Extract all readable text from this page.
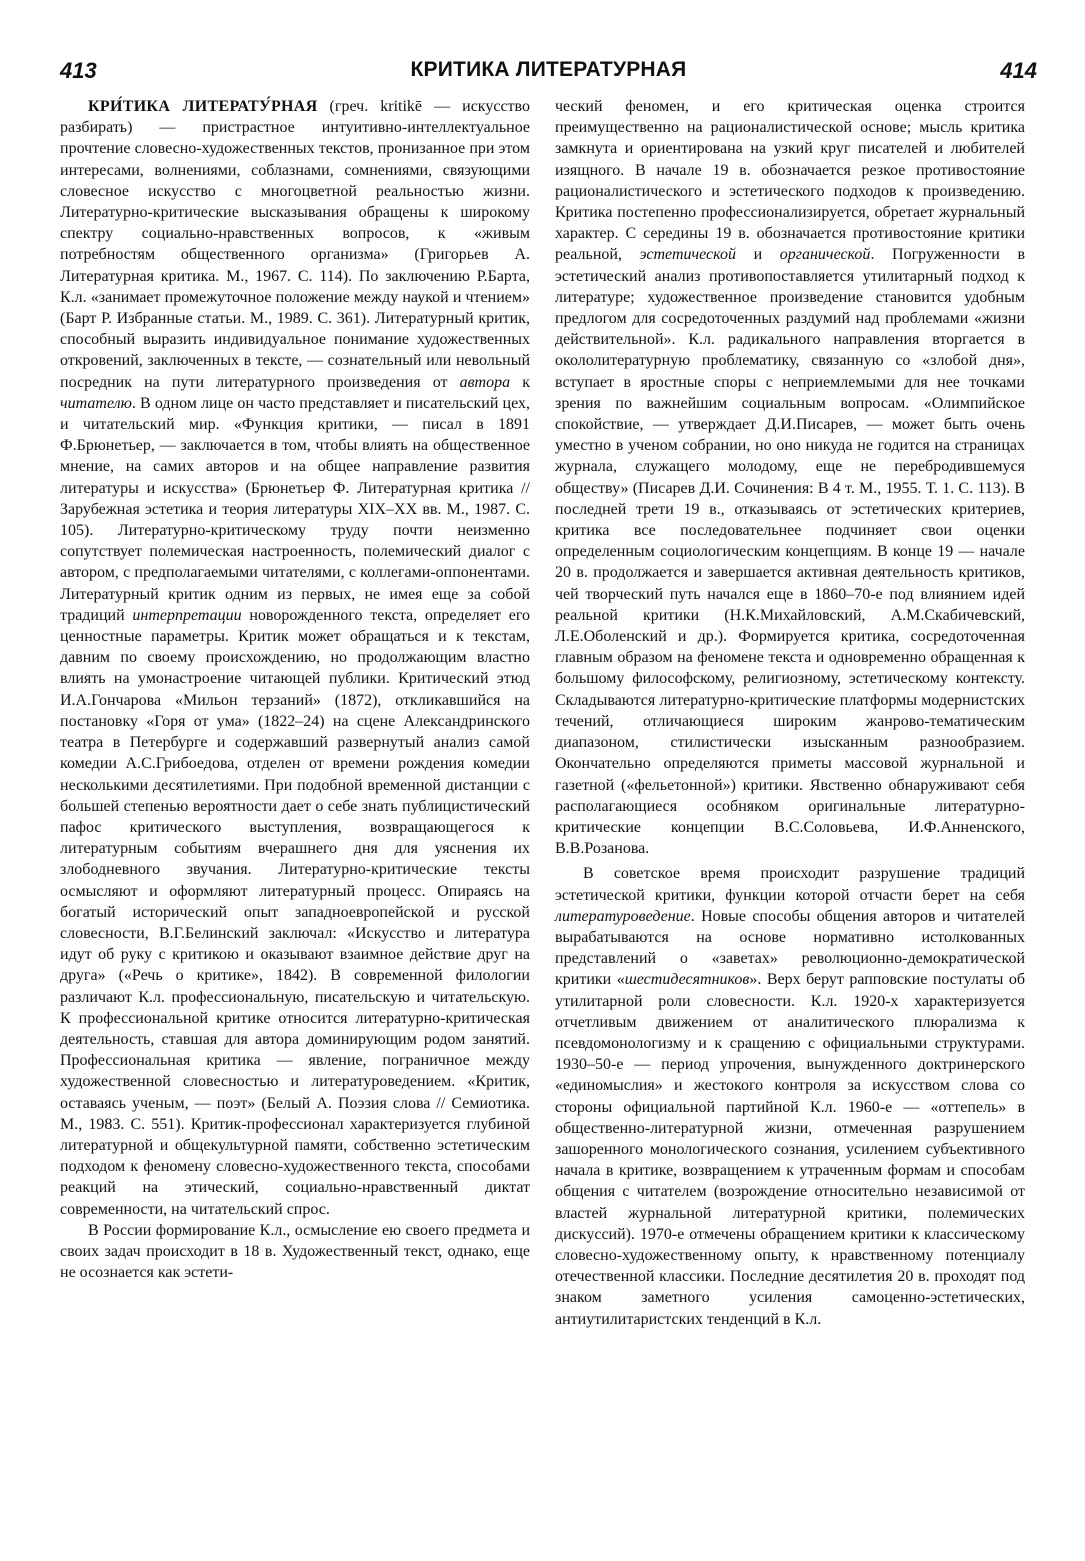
413	КРИТИКА ЛИТЕРАТУРНАЯ	414

КРИ́ТИКА ЛИТЕРАТУ́РНАЯ (греч. kritikē — искусство разбирать) — пристрастное интуитивно-интеллектуальное прочтение словесно-художественных текстов, пронизанное при этом интересами, волнениями, соблазнами, сомнениями, связующими словесное искусство с многоцветной реальностью жизни. Литературно-критические высказывания обращены к широкому спектру социально-нравственных вопросов, к «живым потребностям общественного организма» (Григорьев А. Литературная критика. М., 1967. С. 114). По заключению Р.Барта, К.л. «занимает промежуточное положение между наукой и чтением» (Барт Р. Избранные статьи. М., 1989. С. 361). Литературный критик, способный выразить индивидуальное понимание художественных откровений, заключенных в тексте, — сознательный или невольный посредник на пути литературного произведения от автора к читателю. В одном лице он часто представляет и писательский цех, и читательский мир. «Функция критики, — писал в 1891 Ф.Брюнетьер, — заключается в том, чтобы влиять на общественное мнение, на самих авторов и на общее направление развития литературы и искусства» (Брюнетьер Ф. Литературная критика // Зарубежная эстетика и теория литературы XIX–XX вв. М., 1987. С. 105). Литературно-критическому труду почти неизменно сопутствует полемическая настроенность, полемический диалог с автором, с предполагаемыми читателями, с коллегами-оппонентами. Литературный критик одним из первых, не имея еще за собой традиций интерпретации новорожденного текста, определяет его ценностные параметры. Критик может обращаться и к текстам, давним по своему происхождению, но продолжающим властно влиять на умонастроение читающей публики. Критический этюд И.А.Гончарова «Мильон терзаний» (1872), откликавшийся на постановку «Горя от ума» (1822–24) на сцене Александринского театра в Петербурге и содержавший развернутый анализ самой комедии А.С.Грибоедова, отделен от времени рождения комедии несколькими десятилетиями. При подобной временной дистанции с большей степенью вероятности дает о себе знать публицистический пафос критического выступления, возвращающегося к литературным событиям вчерашнего дня для уяснения их злободневного звучания. Литературно-критические тексты осмысляют и оформляют литературный процесс. Опираясь на богатый исторический опыт западноевропейской и русской словесности, В.Г.Белинский заключал: «Искусство и литература идут об руку с критикою и оказывают взаимное действие друг на друга» («Речь о критике», 1842). В современной филологии различают К.л. профессиональную, писательскую и читательскую. К профессиональной критике относится литературно-критическая деятельность, ставшая для автора доминирующим родом занятий. Профессиональная критика — явление, пограничное между художественной словесностью и литературоведением. «Критик, оставаясь ученым, — поэт» (Белый А. Поэзия слова // Семиотика. М., 1983. С. 551). Критик-профессионал характеризуется глубиной литературной и общекультурной памяти, собственно эстетическим подходом к феномену словесно-художественного текста, способами реакций на этический, социально-нравственный диктат современности, на читательский спрос.

В России формирование К.л., осмысление ею своего предмета и своих задач происходит в 18 в. Художественный текст, однако, еще не осознается как эстети-

ческий феномен, и его критическая оценка строится преимущественно на рационалистической основе; мысль критика замкнута и ориентирована на узкий круг писателей и любителей изящного. В начале 19 в. обозначается резкое противостояние рационалистического и эстетического подходов к произведению. Критика постепенно профессионализируется, обретает журнальный характер. С середины 19 в. обозначается противостояние критики реальной, эстетической и органической. Погруженности в эстетический анализ противопоставляется утилитарный подход к литературе; художественное произведение становится удобным предлогом для сосредоточенных раздумий над проблемами «жизни действительной». К.л. радикального направления вторгается в окололитературную проблематику, связанную со «злобой дня», вступает в яростные споры с неприемлемыми для нее точками зрения по важнейшим социальным вопросам. «Олимпийское спокойствие, — утверждает Д.И.Писарев, — может быть очень уместно в ученом собрании, но оно никуда не годится на страницах журнала, служащего молодому, еще не перебродившемуся обществу» (Писарев Д.И. Сочинения: В 4 т. М., 1955. Т. 1. С. 113). В последней трети 19 в., отказываясь от эстетических критериев, критика все последовательнее подчиняет свои оценки определенным социологическим концепциям. В конце 19 — начале 20 в. продолжается и завершается активная деятельность критиков, чей творческий путь начался еще в 1860–70-е под влиянием идей реальной критики (Н.К.Михайловский, А.М.Скабичевский, Л.Е.Оболенский и др.). Формируется критика, сосредоточенная главным образом на феномене текста и одновременно обращенная к большому философскому, религиозному, эстетическому контексту. Складываются литературно-критические платформы модернистских течений, отличающиеся широким жанрово-тематическим диапазоном, стилистически изысканным разнообразием. Окончательно определяются приметы массовой журнальной и газетной («фельетонной») критики. Явственно обнаруживают себя располагающиеся особняком оригинальные литературно-критические концепции В.С.Соловьева, И.Ф.Анненского, В.В.Розанова.

В советское время происходит разрушение традиций эстетической критики, функции которой отчасти берет на себя литературоведение. Новые способы общения авторов и читателей вырабатываются на основе нормативно истолкованных представлений о «заветах» революционно-демократической критики «шестидесятников». Верх берут рапповские постулаты об утилитарной роли словесности. К.л. 1920-х характеризуется отчетливым движением от аналитического плюрализма к псевдомонологизму и к сращению с официальными структурами. 1930–50-е — период упрочения, вынужденного доктринерского «единомыслия» и жестокого контроля за искусством слова со стороны официальной партийной К.л. 1960-е — «оттепель» в общественно-литературной жизни, отмеченная разрушением зашоренного монологического сознания, усилением субъективного начала в критике, возвращением к утраченным формам и способам общения с читателем (возрождение относительно независимой от властей журнальной литературной критики, полемических дискуссий). 1970-е отмечены обращением критики к классическому словесно-художественному опыту, к нравственному потенциалу отечественной классики. Последние десятилетия 20 в. проходят под знаком заметного усиления самоценно-эстетических, антиутилитаристских тенденций в К.л.
